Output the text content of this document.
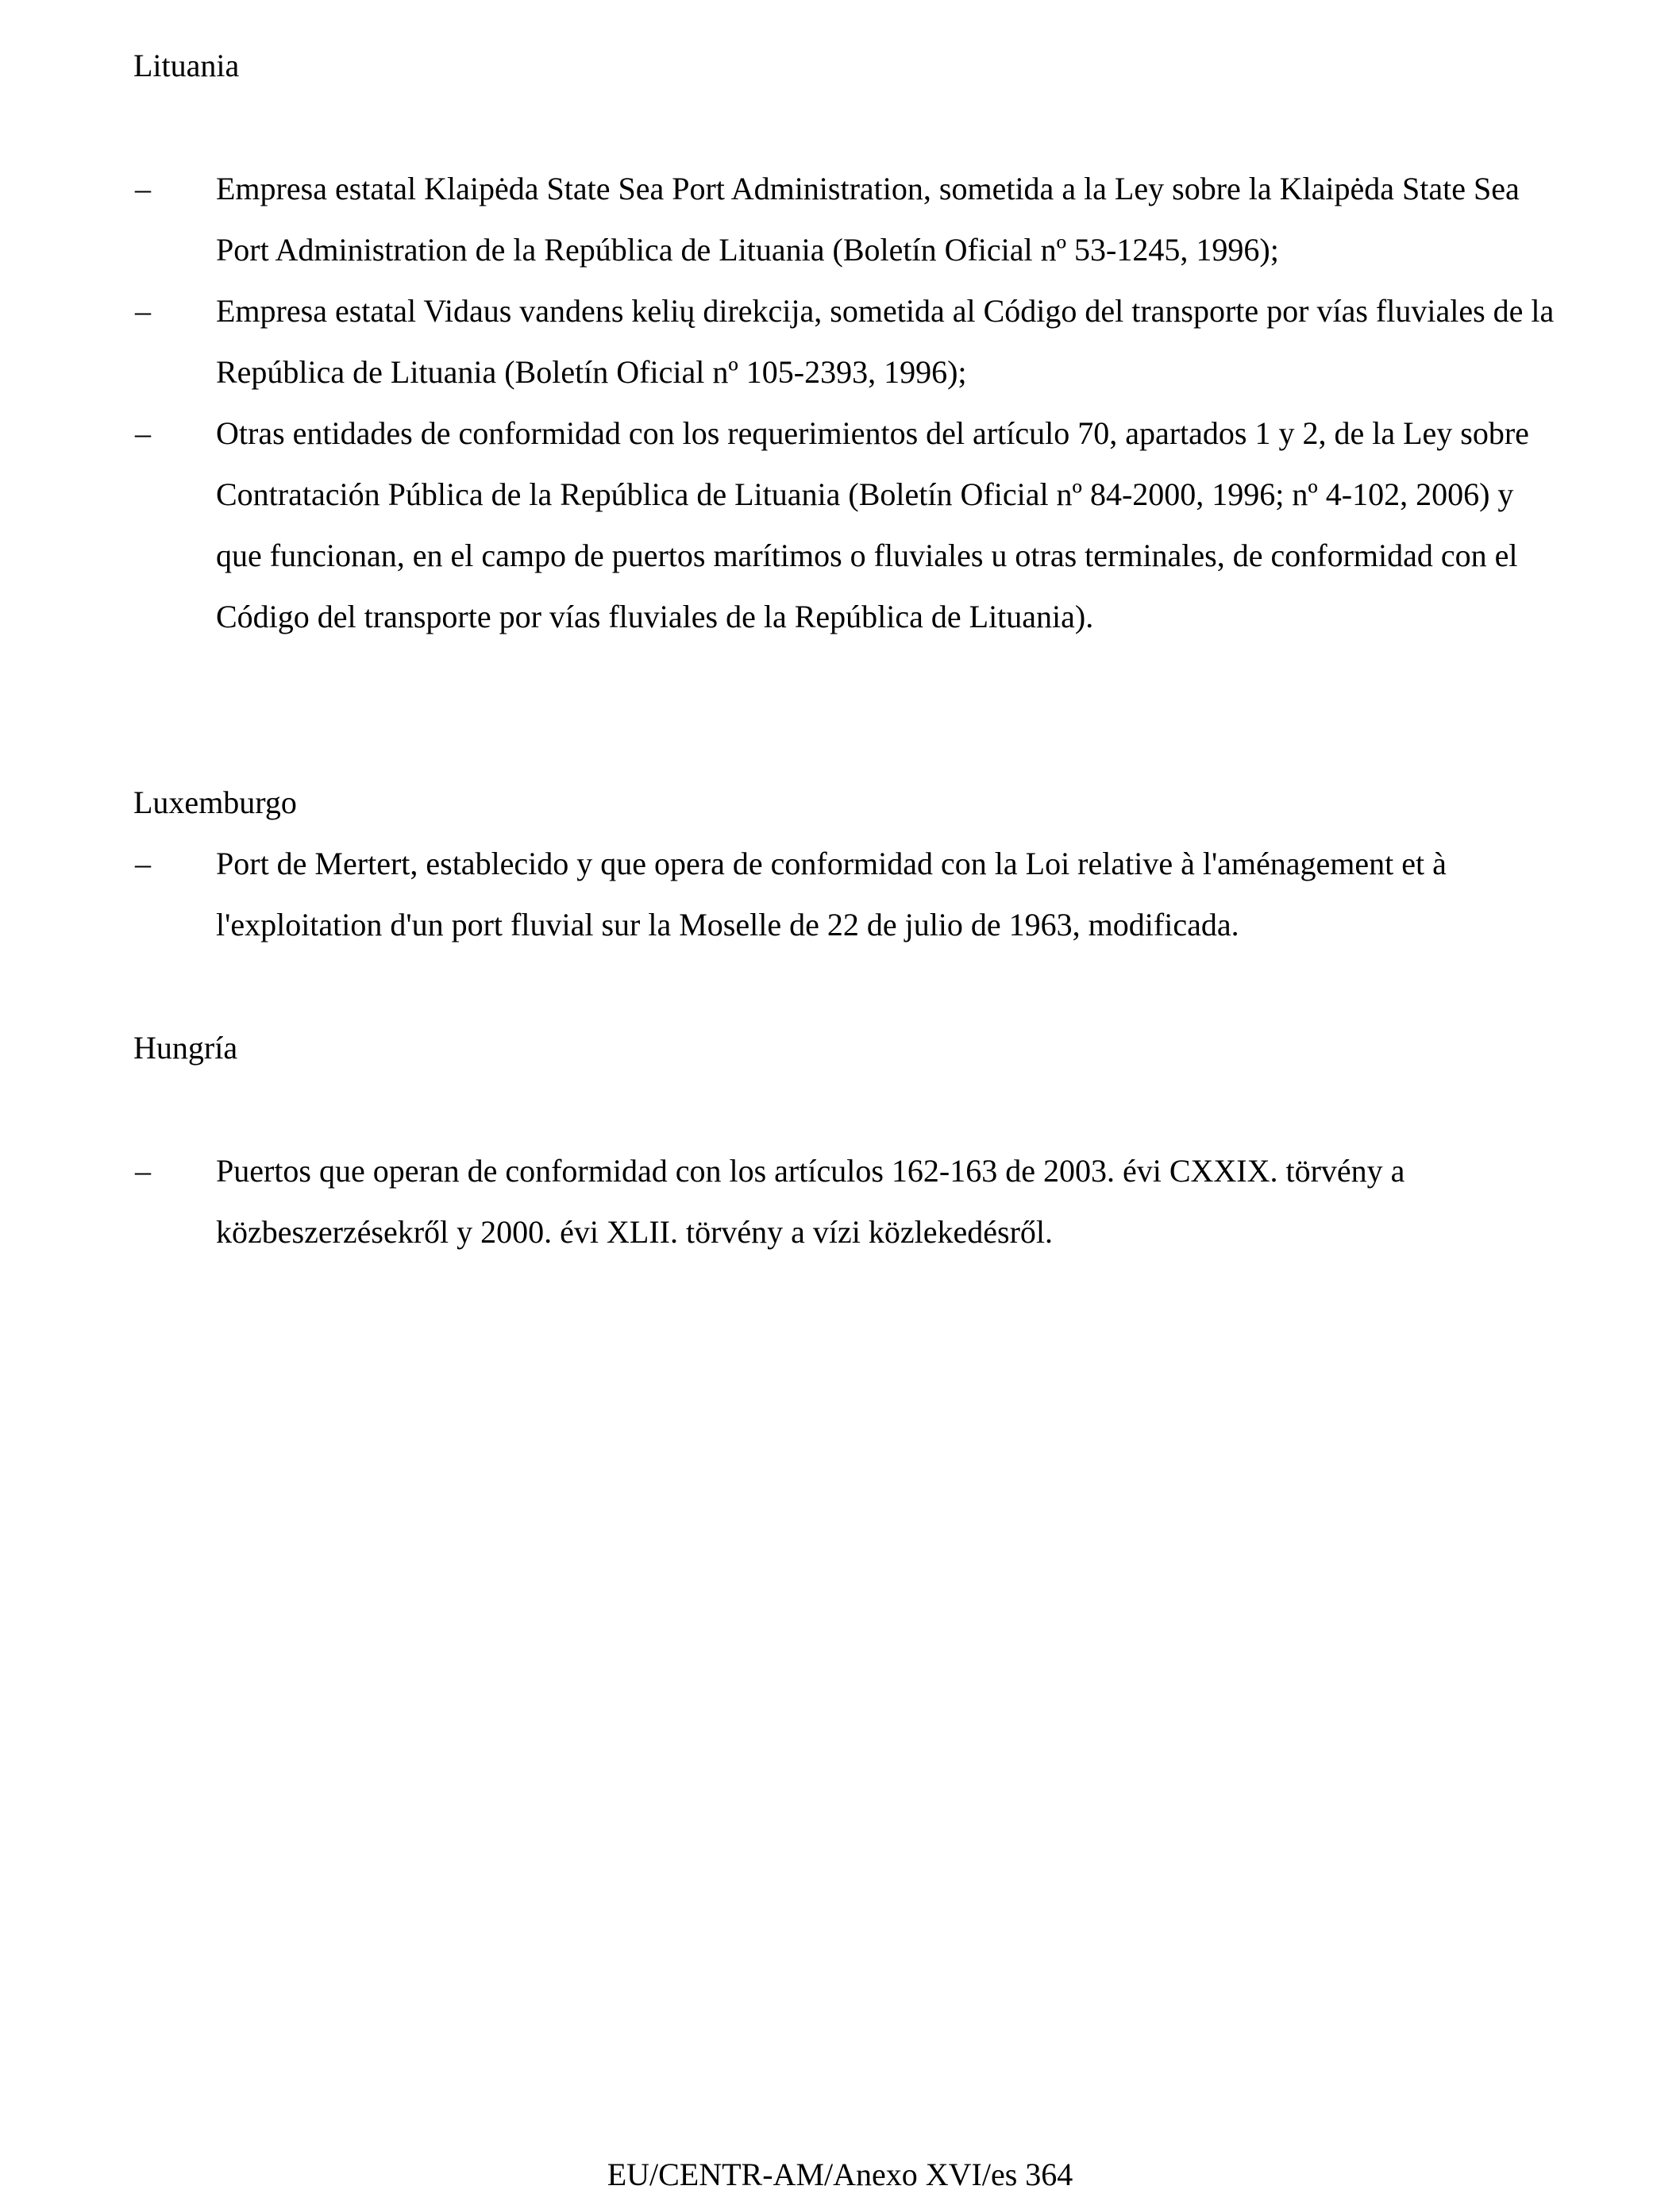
Lituania
– Empresa estatal Klaipėda State Sea Port Administration, sometida a la Ley sobre la Klaipėda State Sea Port Administration de la República de Lituania (Boletín Oficial nº 53-1245, 1996);
– Empresa estatal Vidaus vandens kelių direkcija, sometida al Código del transporte por vías fluviales de la República de Lituania (Boletín Oficial nº 105-2393, 1996);
– Otras entidades de conformidad con los requerimientos del artículo 70, apartados 1 y 2, de la Ley sobre Contratación Pública de la República de Lituania (Boletín Oficial nº 84-2000, 1996; nº 4-102, 2006) y que funcionan, en el campo de puertos marítimos o fluviales u otras terminales, de conformidad con el Código del transporte por vías fluviales de la República de Lituania).
Luxemburgo
– Port de Mertert, establecido y que opera de conformidad con la Loi relative à l'aménagement et à l'exploitation d'un port fluvial sur la Moselle de 22 de julio de 1963, modificada.
Hungría
– Puertos que operan de conformidad con los artículos 162-163 de 2003. évi CXXIX. törvény a közbeszerzésekről y 2000. évi XLII. törvény a vízi közlekedésről.
EU/CENTR-AM/Anexo XVI/es 364
